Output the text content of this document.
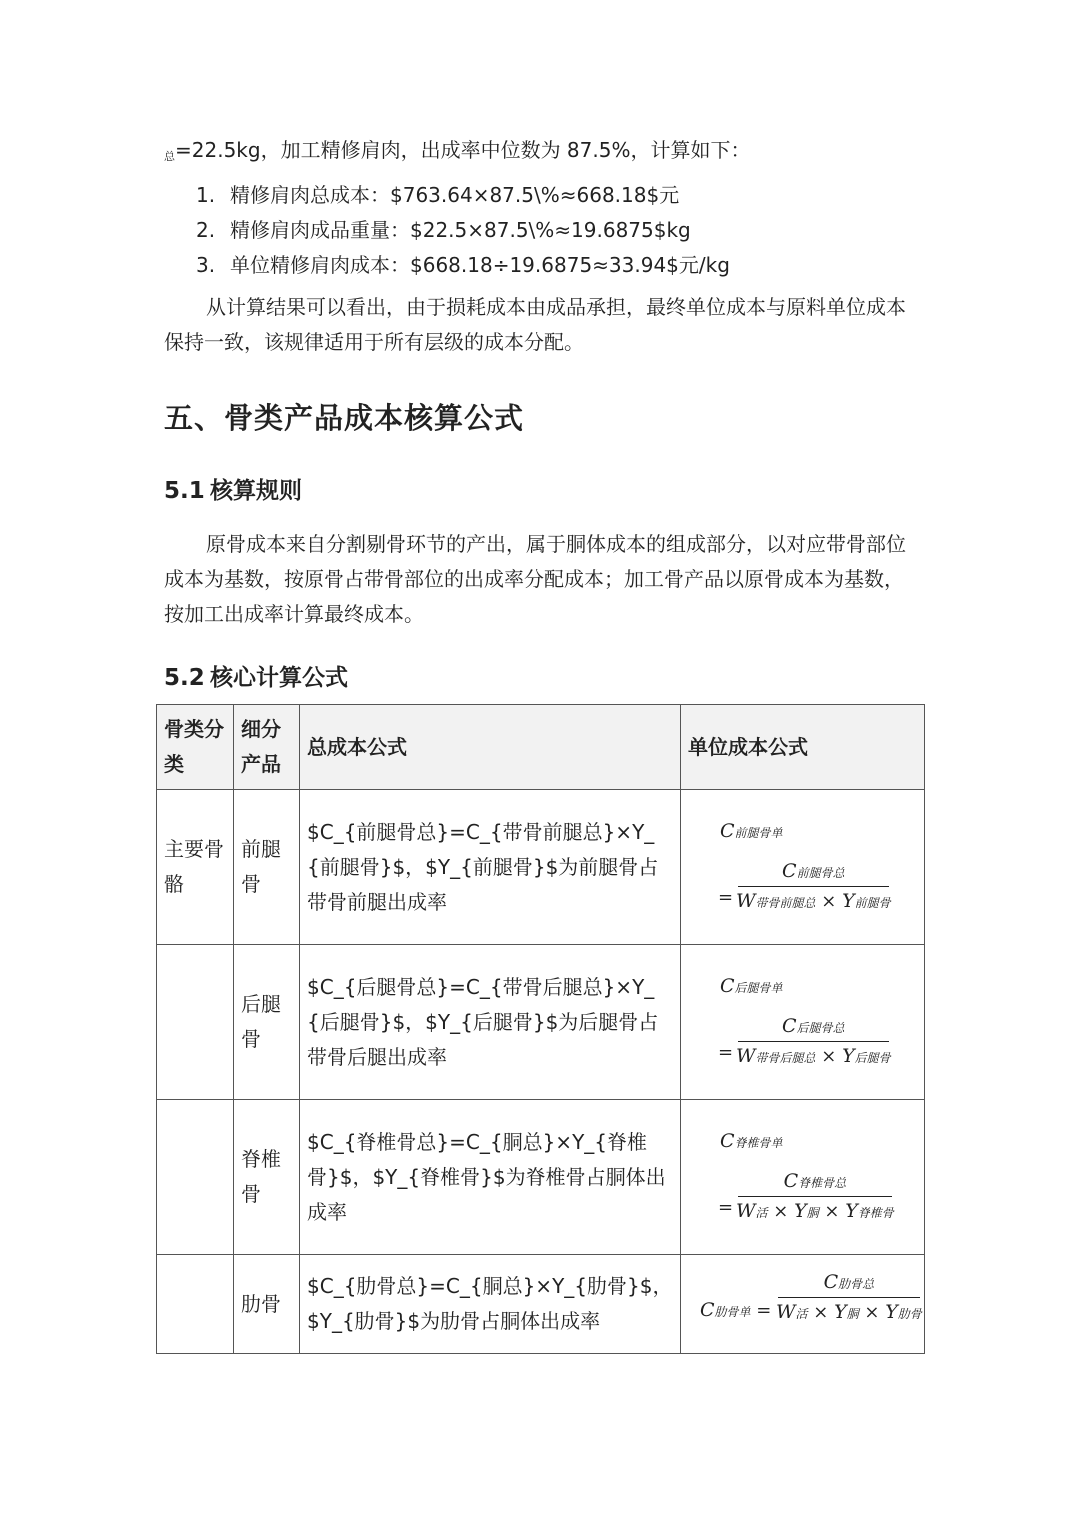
$_总$=22.5kg，加工精修肩肉，出成率中位数为 87.5%，计算如下：

1. 精修肩肉总成本：$763.64×87.5\%≈668.18$元
2. 精修肩肉成品重量：$22.5×87.5\%≈19.6875$kg
3. 单位精修肩肉成本：$668.18÷19.6875≈33.94$元/kg

从计算结果可以看出，由于损耗成本由成品承担，最终单位成本与原料单位成本保持一致，该规律适用于所有层级的成本分配。

五、骨类产品成本核算公式
5.1 核算规则

原骨成本来自分割剔骨环节的产出，属于胴体成本的组成部分，以对应带骨部位成本为基数，按原骨占带骨部位的出成率分配成本；加工骨产品以原骨成本为基数，按加工出成率计算最终成本。

5.2 核心计算公式
骨类分类	细分产品	总成本公式	单位成本公式
主要骨骼	前腿骨	$C_{前腿骨总}=C_{带骨前腿总}×Y_{前腿骨}$，$Y_{前腿骨}$为前腿骨占带骨前腿出成率	C前腿骨单
=
C前腿骨总
W带骨前腿总 × Y前腿骨

	后腿骨	$C_{后腿骨总}=C_{带骨后腿总}×Y_{后腿骨}$，$Y_{后腿骨}$为后腿骨占带骨后腿出成率	C后腿骨单
=
C后腿骨总
W带骨后腿总 × Y后腿骨

	脊椎骨	$C_{脊椎骨总}=C_{胴总}×Y_{脊椎骨}$，$Y_{脊椎骨}$为脊椎骨占胴体出成率	C脊椎骨单
=
C脊椎骨总
W活 × Y胴 × Y脊椎骨

	肋骨	$C_{肋骨总}=C_{胴总}×Y_{肋骨}$，$Y_{肋骨}$为肋骨占胴体出成率	C肋骨单 =
C肋骨总
W活 × Y胴 × Y肋骨
